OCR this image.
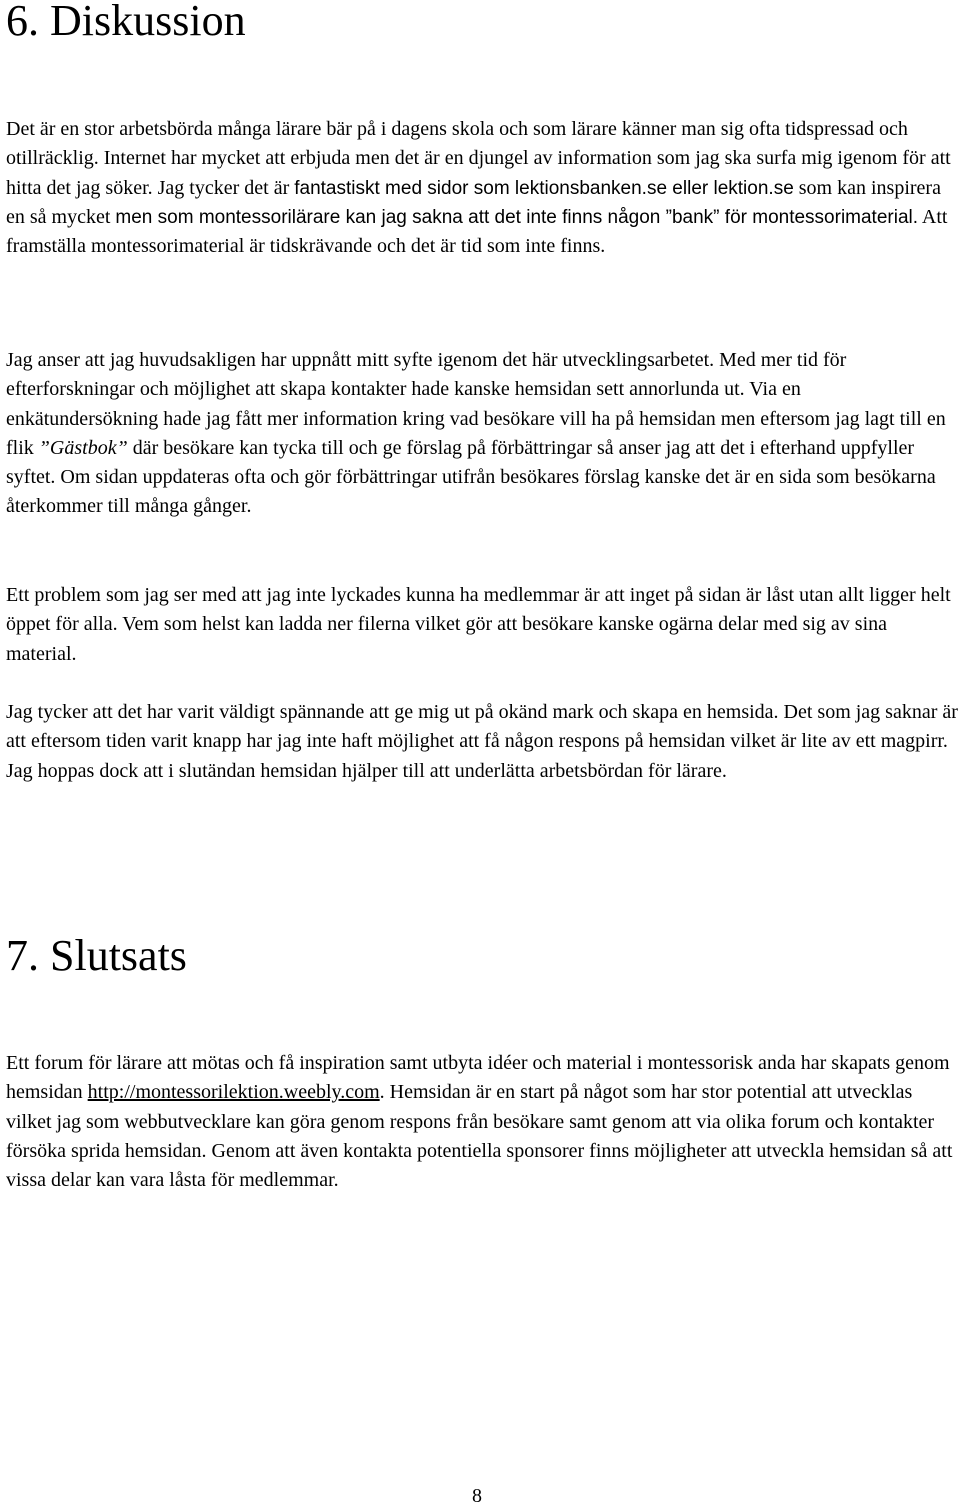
6. Diskussion

Det är en stor arbetsbörda många lärare bär på i dagens skola och som lärare känner man sig ofta tidspressad och otillräcklig. Internet har mycket att erbjuda men det är en djungel av information som jag ska surfa mig igenom för att hitta det jag söker. Jag tycker det är fantastiskt med sidor som lektionsbanken.se eller lektion.se som kan inspirera en så mycket men som montessorilärare kan jag sakna att det inte finns någon ”bank” för montessorimaterial. Att framställa montessorimaterial är tidskrävande och det är tid som inte finns.

Jag anser att jag huvudsakligen har uppnått mitt syfte igenom det här utvecklingsarbetet. Med mer tid för efterforskningar och möjlighet att skapa kontakter hade kanske hemsidan sett annorlunda ut. Via en enkätundersökning hade jag fått mer information kring vad besökare vill ha på hemsidan men eftersom jag lagt till en flik ”Gästbok” där besökare kan tycka till och ge förslag på förbättringar så anser jag att det i efterhand uppfyller syftet. Om sidan uppdateras ofta och gör förbättringar utifrån besökares förslag kanske det är en sida som besökarna återkommer till många gånger.

Ett problem som jag ser med att jag inte lyckades kunna ha medlemmar är att inget på sidan är låst utan allt ligger helt öppet för alla. Vem som helst kan ladda ner filerna vilket gör att besökare kanske ogärna delar med sig av sina material.

Jag tycker att det har varit väldigt spännande att ge mig ut på okänd mark och skapa en hemsida. Det som jag saknar är att eftersom tiden varit knapp har jag inte haft möjlighet att få någon respons på hemsidan vilket är lite av ett magpirr. Jag hoppas dock att i slutändan hemsidan hjälper till att underlätta arbetsbördan för lärare.

7. Slutsats

Ett forum för lärare att mötas och få inspiration samt utbyta idéer och material i montessorisk anda har skapats genom hemsidan http://montessorilektion.weebly.com. Hemsidan är en start på något som har stor potential att utvecklas vilket jag som webbutvecklare kan göra genom respons från besökare samt genom att via olika forum och kontakter försöka sprida hemsidan. Genom att även kontakta potentiella sponsorer finns möjligheter att utveckla hemsidan så att vissa delar kan vara låsta för medlemmar.

8
